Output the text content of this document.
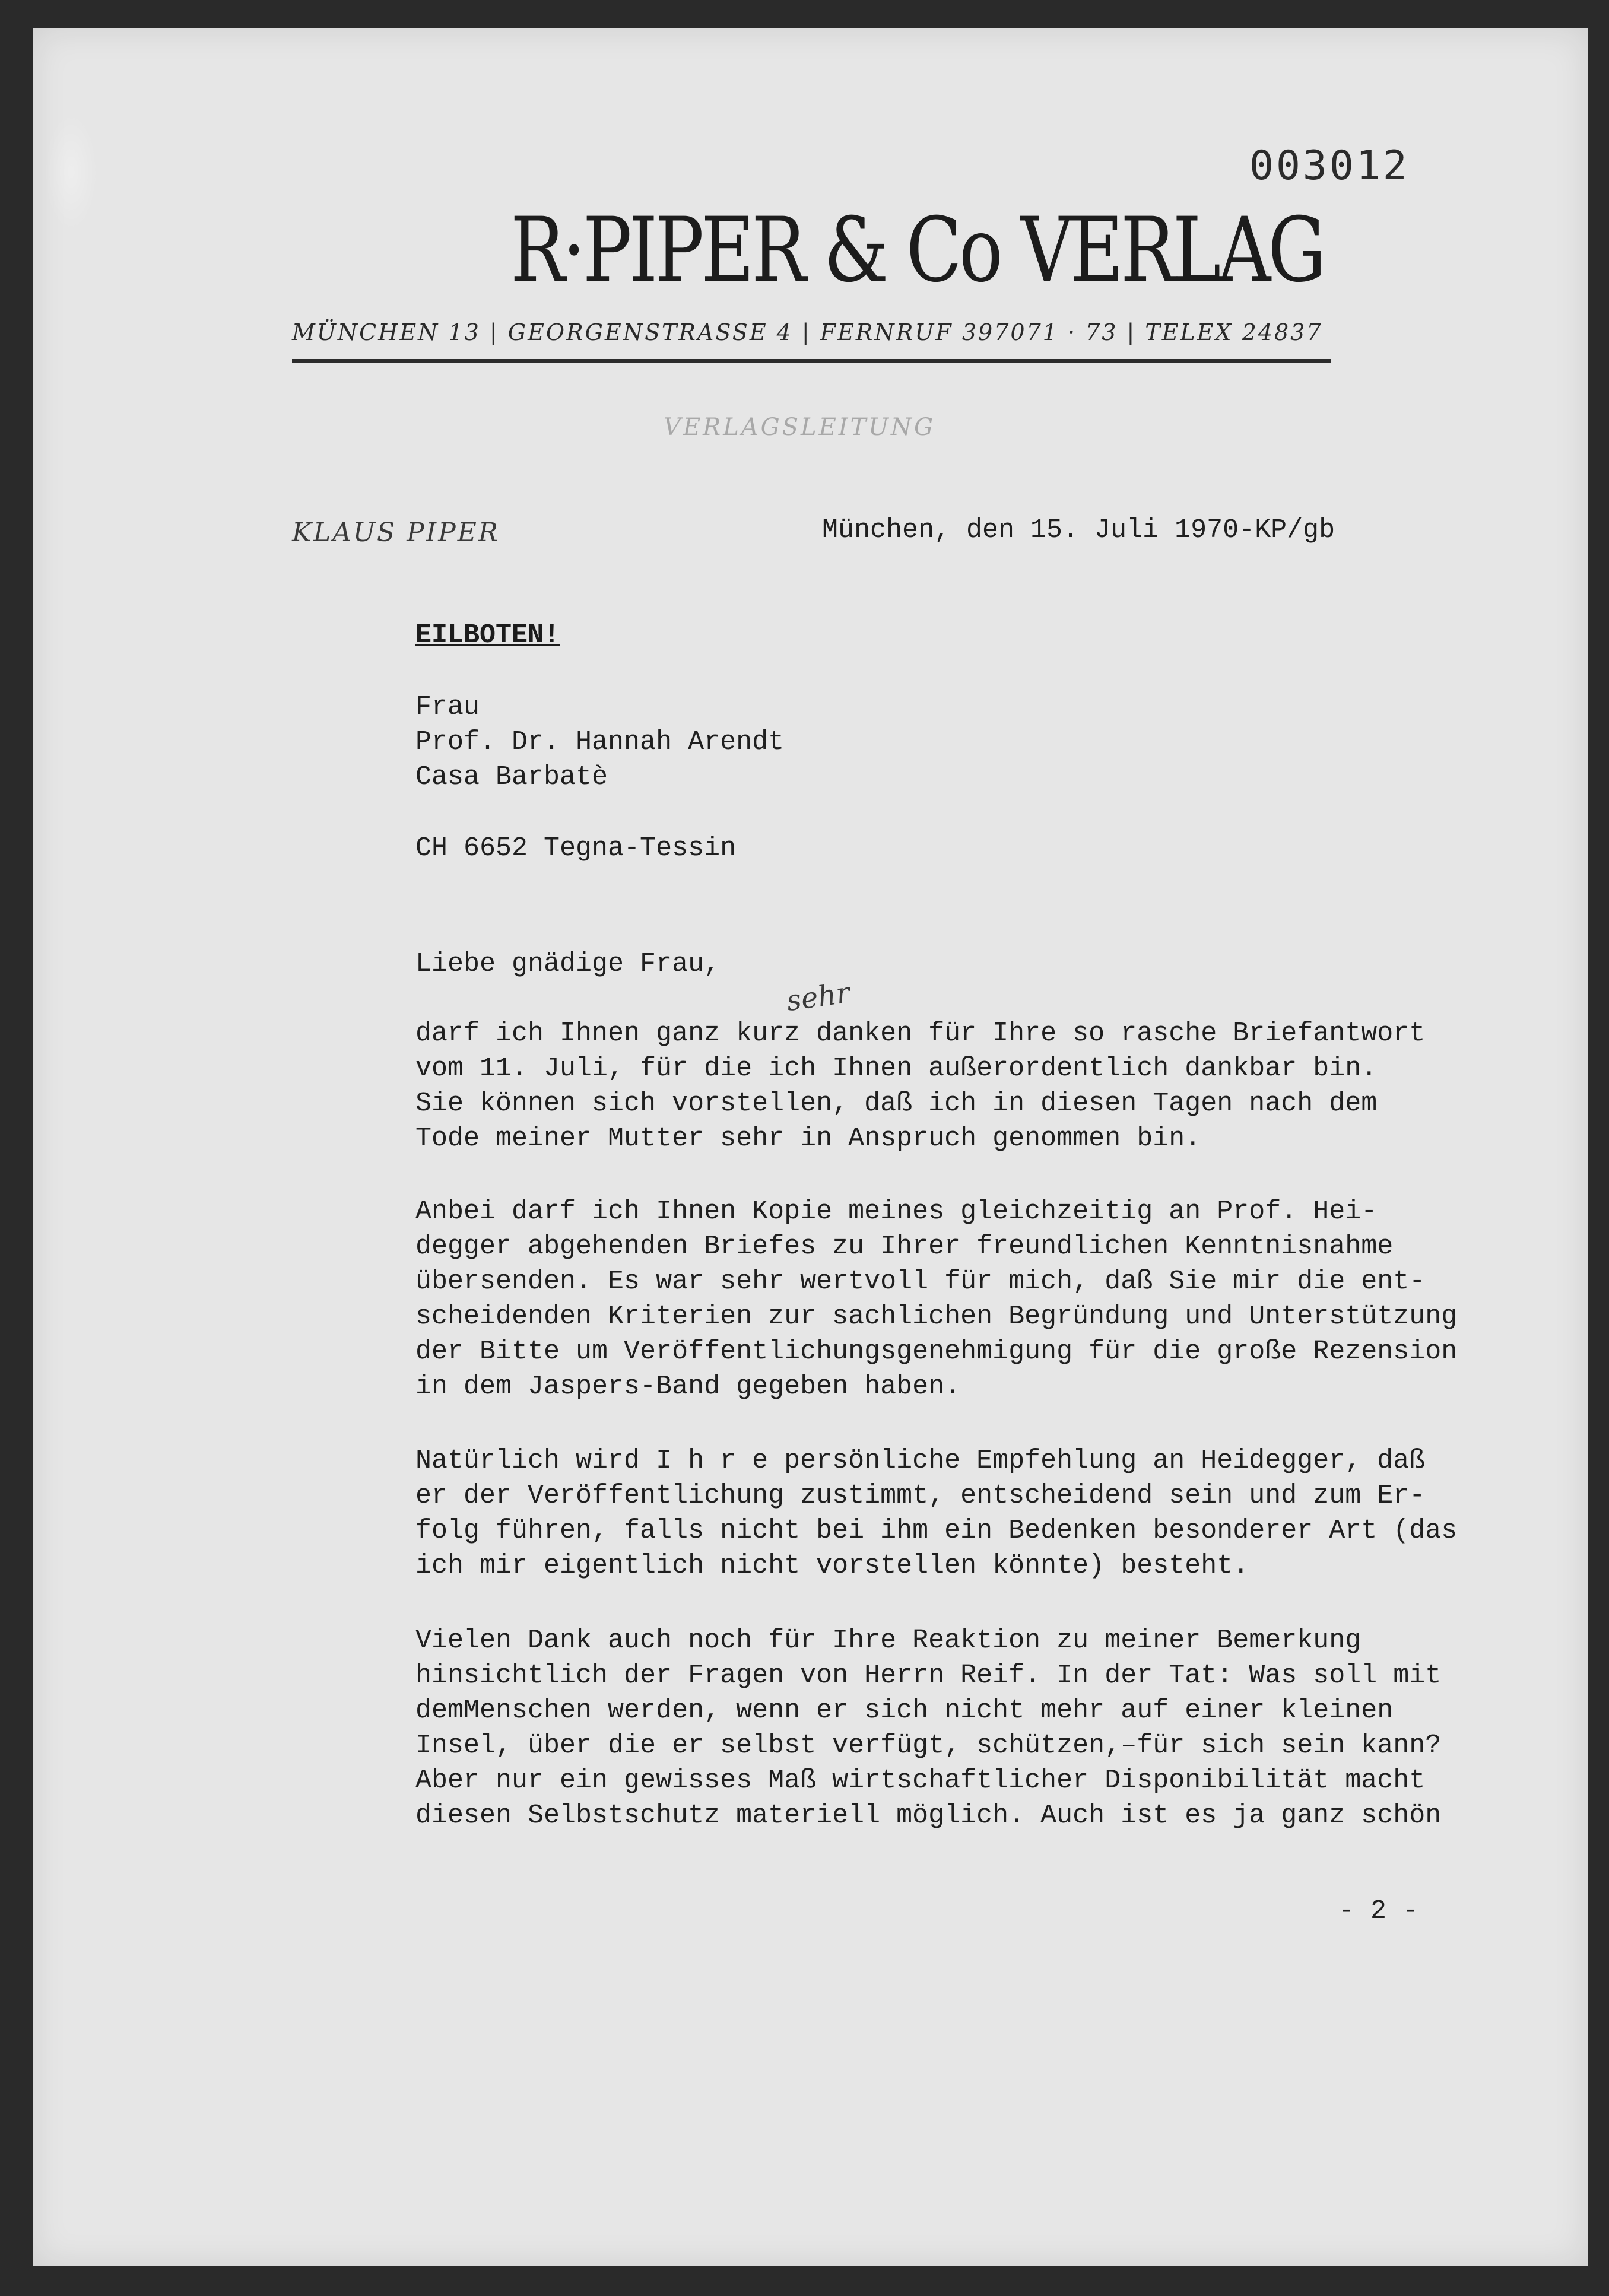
003012
R·PIPER & Co VERLAG
MÜNCHEN 13 | GEORGENSTRASSE 4 | FERNRUF 397071 · 73 | TELEX 24837
VERLAGSLEITUNG
KLAUS PIPER	München, den 15. Juli 1970-KP/gb
EILBOTEN!
Frau
Prof. Dr. Hannah Arendt
Casa Barbatè
CH 6652 Tegna-Tessin
Liebe gnädige Frau,
sehr
darf ich Ihnen ganz kurz danken für Ihre so rasche Briefantwort
vom 11. Juli, für die ich Ihnen außerordentlich dankbar bin.
Sie können sich vorstellen, daß ich in diesen Tagen nach dem
Tode meiner Mutter sehr in Anspruch genommen bin.
Anbei darf ich Ihnen Kopie meines gleichzeitig an Prof. Hei-
degger abgehenden Briefes zu Ihrer freundlichen Kenntnisnahme
übersenden. Es war sehr wertvoll für mich, daß Sie mir die ent-
scheidenden Kriterien zur sachlichen Begründung und Unterstützung
der Bitte um Veröffentlichungsgenehmigung für die große Rezension
in dem Jaspers-Band gegeben haben.
Natürlich wird I h r e persönliche Empfehlung an Heidegger, daß
er der Veröffentlichung zustimmt, entscheidend sein und zum Er-
folg führen, falls nicht bei ihm ein Bedenken besonderer Art (das
ich mir eigentlich nicht vorstellen könnte) besteht.
Vielen Dank auch noch für Ihre Reaktion zu meiner Bemerkung
hinsichtlich der Fragen von Herrn Reif. In der Tat: Was soll mit
demMenschen werden, wenn er sich nicht mehr auf einer kleinen
Insel, über die er selbst verfügt, schützen,–für sich sein kann?
Aber nur ein gewisses Maß wirtschaftlicher Disponibilität macht
diesen Selbstschutz materiell möglich. Auch ist es ja ganz schön
- 2 -
